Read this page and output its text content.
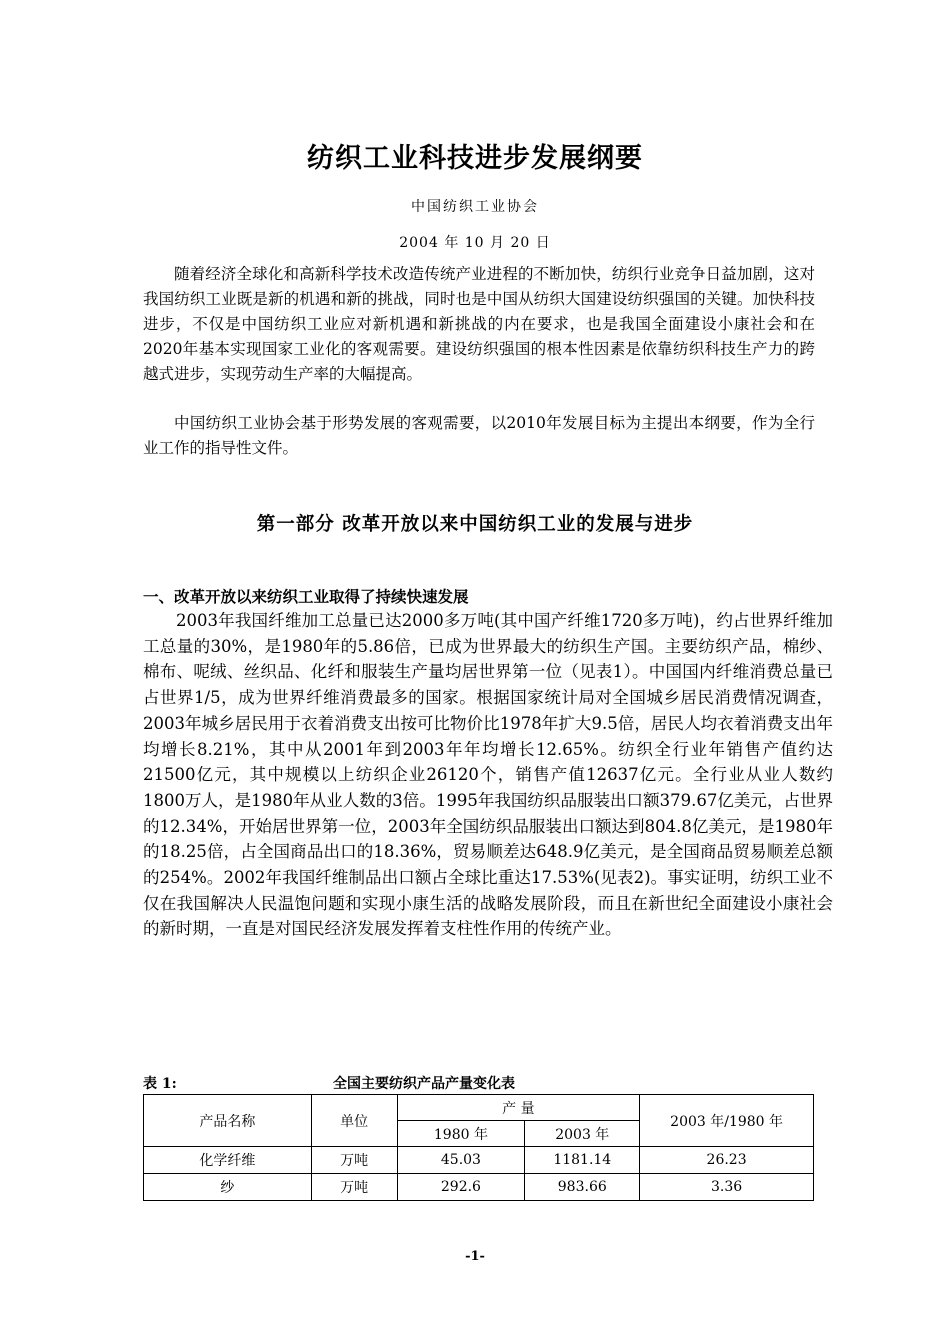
纺织工业科技进步发展纲要
中国纺织工业协会
2004 年 10 月 20 日

随着经济全球化和高新科学技术改造传统产业进程的不断加快，纺织行业竞争日益加剧，这对我国纺织工业既是新的机遇和新的挑战，同时也是中国从纺织大国建设纺织强国的关键。加快科技进步，不仅是中国纺织工业应对新机遇和新挑战的内在要求，也是我国全面建设小康社会和在2020年基本实现国家工业化的客观需要。建设纺织强国的根本性因素是依靠纺织科技生产力的跨越式进步，实现劳动生产率的大幅提高。

中国纺织工业协会基于形势发展的客观需要，以2010年发展目标为主提出本纲要，作为全行业工作的指导性文件。

第一部分 改革开放以来中国纺织工业的发展与进步
一、改革开放以来纺织工业取得了持续快速发展

2003年我国纤维加工总量已达2000多万吨(其中国产纤维1720多万吨)，约占世界纤维加工总量的30%，是1980年的5.86倍，已成为世界最大的纺织生产国。主要纺织产品，棉纱、棉布、呢绒、丝织品、化纤和服装生产量均居世界第一位（见表1）。中国国内纤维消费总量已占世界1/5，成为世界纤维消费最多的国家。根据国家统计局对全国城乡居民消费情况调查，2003年城乡居民用于衣着消费支出按可比物价比1978年扩大9.5倍，居民人均衣着消费支出年均增长8.21%，其中从2001年到2003年年均增长12.65%。纺织全行业年销售产值约达21500亿元，其中规模以上纺织企业26120个，销售产值12637亿元。全行业从业人数约1800万人，是1980年从业人数的3倍。1995年我国纺织品服装出口额379.67亿美元，占世界的12.34%，开始居世界第一位，2003年全国纺织品服装出口额达到804.8亿美元，是1980年的18.25倍，占全国商品出口的18.36%，贸易顺差达648.9亿美元，是全国商品贸易顺差总额的254%。2002年我国纤维制品出口额占全球比重达17.53%(见表2)。事实证明，纺织工业不仅在我国解决人民温饱问题和实现小康生活的战略发展阶段，而且在新世纪全面建设小康社会的新时期，一直是对国民经济发展发挥着支柱性作用的传统产业。

表 1:	全国主要纺织产品产量变化表
产品名称	单位	产 量		2003 年/1980 年
		1980 年	2003 年	
化学纤维	万吨	45.03	1181.14	26.23
纱	万吨	292.6	983.66	3.36
-1-
